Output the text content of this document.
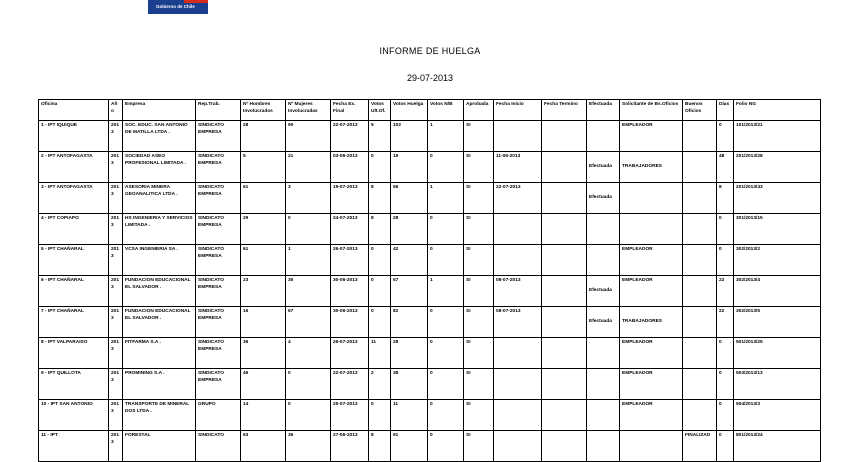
Gobierno de Chile
INFORME DE HUELGA
29-07-2013
Oficina	Año	Empresa	Rep.Trab.	Nº Hombres Involucrados	Nº Mujeres Involucradas	Fecha Ex. Final	Votos Ult.Of.	Votos Huelga	Votos N/B	Aprobada	Fecha Inicio	Fecha Termino	Efectuada	Solicitante de Bs.Oficios	Buenos Oficios	Días	Folio NG
1 - IPT IQUIQUE	2013	SOC. EDUC. SAN ANTONIO DE MATILLA LTDA .	SINDICATO EMPRESA	28	90	22-07-2013	5	102	1	SI				EMPLEADOR		0	101/2013/21
2 - IPT ANTOFAGASTA	2013	SOCIEDAD ASEO PROFESIONAL LIMITADA .	SINDICATO EMPRESA	5	21	03-06-2013	0	19	0	SI	11-06-2013		Efectuada	TRABAJADORES		48	201/2013/28
3 - IPT ANTOFAGASTA	2013	ASESORIA MINERA GEOANALITICA LTDA .	SINDICATO EMPRESA	61	3	19-07-2013	8	56	1	SI	22-07-2013		Efectuada			8	201/2013/43
4 - IPT COPIAPO	2013	HS INGENIERIA Y SERVICIOS LIMITADA .	SINDICATO EMPRESA	29	0	24-07-2013	8	28	0	SI						0	301/2013/15
5 - IPT CHAÑARAL	2013	VCSA INGENIERIA SA .	SINDICATO EMPRESA	61	1	26-07-2013	0	42	0	SI				EMPLEADOR		0	302/2013/2
6 - IPT CHAÑARAL	2013	FUNDACION EDUCACIONAL EL SALVADOR .	SINDICATO EMPRESA	23	35	30-06-2013	0	57	1	SI	08-07-2013		Efectuada	EMPLEADOR		22	302/2013/4
7 - IPT CHAÑARAL	2013	FUNDACION EDUCACIONAL EL SALVADOR .	SINDICATO EMPRESA	16	67	30-06-2013	0	82	0	SI	08-07-2013		Efectuada	TRABAJADORES		22	302/2013/5
8 - IPT VALPARAISO	2013	FITFARMA S.A .	SINDICATO EMPRESA	36	4	26-07-2013	11	28	0	SI				EMPLEADOR		0	501/2013/25
9 - IPT QUILLOTA	2013	PROMINING S.A .	SINDICATO EMPRESA	46	0	22-07-2013	2	38	0	SI				EMPLEADOR		0	503/2013/13
10 - IPT SAN ANTONIO	2013	TRANSPORTE DE MINERAL DOS LTDA .	GRUPO	14	0	25-07-2013	0	11	0	SI				EMPLEADOR		0	504/2013/3
11 - IPT	2013	FORESTAL	SINDICATO	63	36	27-06-2013	8	91	0	SI					FINALIZAD	0	801/2013/24
